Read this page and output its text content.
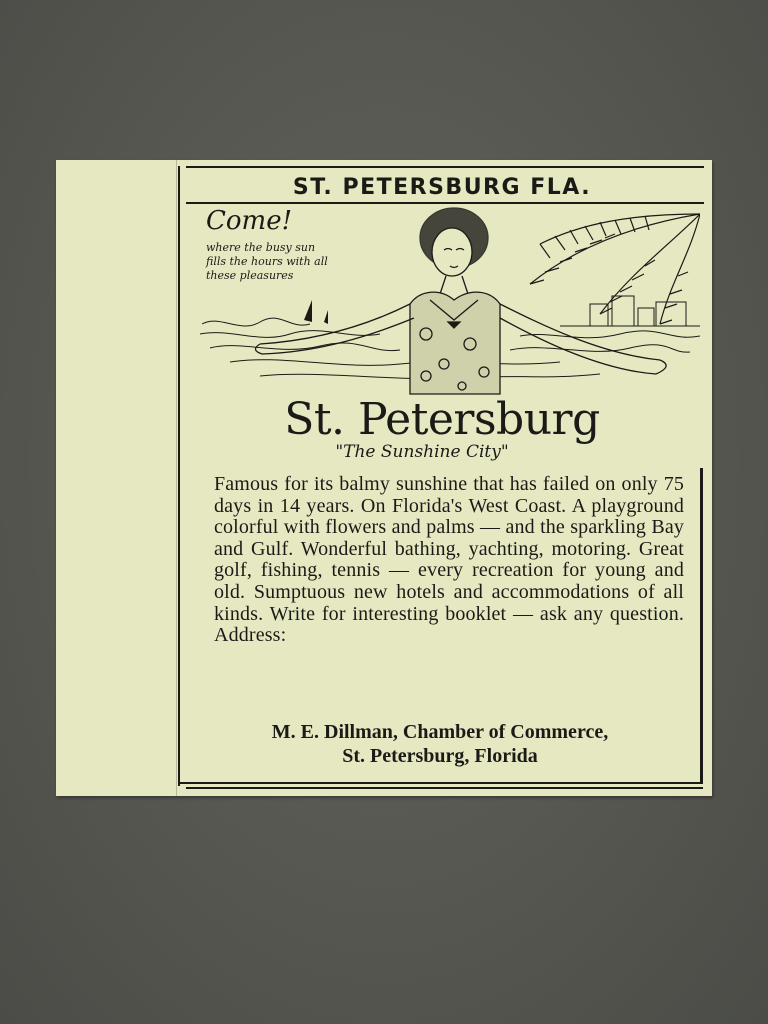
ST. PETERSBURG FLA.
Come!
where the busy sun fills the hours with all these pleasures
St. Petersburg
"The Sunshine City"
Famous for its balmy sunshine that has failed on only 75 days in 14 years. On Florida's West Coast. A playground colorful with flowers and palms — and the sparkling Bay and Gulf. Wonderful bathing, yachting, motoring. Great golf, fishing, tennis — every recreation for young and old. Sumptuous new hotels and accommodations of all kinds. Write for interesting booklet — ask any question. Address:
M. E. Dillman, Chamber of Commerce,
St. Petersburg, Florida
